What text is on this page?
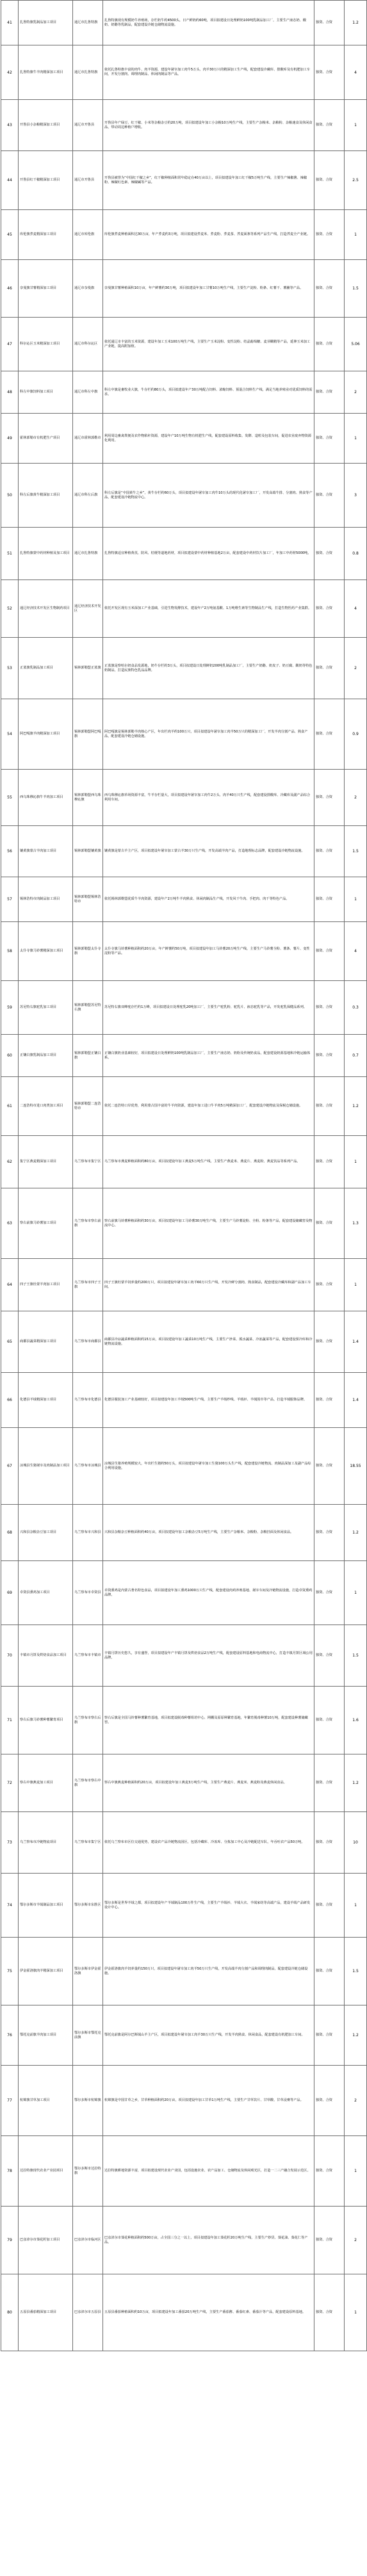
41	扎鲁特旗乳制品加工项目	通辽市扎鲁特旗	扎鲁特旗现有规模奶牛养殖场，存栏奶牛约4500头，日产鲜奶约60吨，项目拟建设日处理鲜奶100吨乳制品加工厂，主要生产液态奶、酸奶、奶酪等乳制品，配套建设冷链仓储物流设施。	独资、合资	1.2
42	扎鲁特旗牛羊肉精深加工项目	通辽市扎鲁特旗	依托扎鲁特旗丰富的肉牛、肉羊资源，建设年屠宰加工肉牛5万头、肉羊30万只的精深加工生产线，配套建设冷藏库、排酸库及有机肥加工车间，开发分割肉、调理肉制品、休闲肉制品等产品。	独资、合资	4
43	开鲁县小杂粮精深加工项目	通辽市开鲁县	开鲁县年产绿豆、红干椒、小米等杂粮杂豆约20万吨，项目拟建设年加工小杂粮10万吨生产线，主要生产杂粮米、杂粮粉、杂粮速食及休闲食品，带动周边种植户增收。	独资、合资	1
44	开鲁县红干椒精深加工项目	通辽市开鲁县	开鲁县被誉为“中国红干椒之乡”，红干椒种植面积常年稳定在40万亩以上，项目拟建设年加工红干椒5万吨生产线，主要生产辣椒酱、辣椒粉、辣椒红色素、辣椒碱等产品。	独资、合资	2.5
45	库伦旗荞麦精深加工项目	通辽市库伦旗	库伦旗荞麦种植面积达30万亩，年产荞麦约3万吨，项目拟建设荞麦米、荞麦粉、荞麦茶、荞麦面条等系列产品生产线，打造荞麦全产业链。	独资、合资	1
46	奈曼旗甘薯精深加工项目	通辽市奈曼旗	奈曼旗甘薯种植面积10万亩，年产鲜薯约30万吨，项目拟建设年加工甘薯10万吨生产线，主要生产淀粉、粉条、红薯干、薯脯等产品。	独资、合资	1.5
47	科尔沁区玉米精深加工项目	通辽市科尔沁区	依托通辽市丰富的玉米资源，建设年加工玉米100万吨生产线，主要生产玉米淀粉、变性淀粉、结晶葡萄糖、麦芽糊精等产品，延伸玉米加工产业链，提高附加值。	独资、合资	5.06
48	科左中旗饲料加工项目	通辽市科左中旗	科左中旗是畜牧业大旗，牛存栏约80万头，项目拟建设年产30万吨配合饲料、浓缩饲料、预混合饲料生产线，满足当地养殖业对优质饲料的需求。	独资、合资	2
49	霍林郭勒市有机肥生产项目	通辽市霍林郭勒市	利用周边畜禽粪便及农作物秸秆资源，建设年产10万吨生物有机肥生产线，配套建设原料收集、发酵、造粒及包装车间，促进农业废弃物资源化利用。	独资、合资	1
50	科左后旗黄牛精深加工项目	通辽市科左后旗	科左后旗是“中国黄牛之乡”，黄牛存栏约60万头，项目拟建设年屠宰加工肉牛10万头的现代化屠宰加工厂，开发高端牛排、分割肉、熟食等产品，配套建设冷链物流中心。	独资、合资	3
51	扎鲁特旗蒙中药材种植及加工项目	通辽市扎鲁特旗	扎鲁特旗适宜种植黄芪、防风、桔梗等道地药材，项目拟建设蒙中药材种植基地2万亩，配套建设中药材饮片加工厂，年加工中药材5000吨。	独资、合资	0.8
52	通辽经济技术开发区生物制药项目	通辽经济技术开发区	依托开发区现有玉米深加工产业基础，引进生物发酵技术，建设年产2万吨氨基酸、1万吨维生素等生物制品生产线，打造生物医药产业集群。	独资、合资	4
53	正蓝旗乳制品加工项目	锡林郭勒盟正蓝旗	正蓝旗是察哈尔奶食品发源地，奶牛存栏约3万头，项目拟建设日处理鲜奶200吨乳制品加工厂，主要生产奶酪、奶皮子、奶豆腐、酸奶等特色奶制品，打造民族特色乳品品牌。	独资、合资	2
54	阿巴嘎旗羊肉精深加工项目	锡林郭勒盟阿巴嘎旗	阿巴嘎旗是锡林郭勒羊肉核心产区，年出栏肉羊约100万只，项目拟建设年屠宰加工肉羊50万只的精深加工厂，开发羊肉分割产品、熟食产品，配套建设冷链仓储设施。	独资、合资	0.9
55	西乌珠穆沁旗牛羊肉加工项目	锡林郭勒盟西乌珠穆沁旗	西乌珠穆沁旗草场资源丰富，牛羊存栏量大，项目拟建设年屠宰加工肉牛2万头、肉羊40万只生产线，配套建设排酸库、冷藏库及副产品综合利用车间。	独资、合资	2
56	镶黄旗蒙古羊肉加工项目	锡林郭勒盟镶黄旗	镶黄旗是蒙古羊主产区，项目拟建设年屠宰加工蒙古羊30万只生产线，开发高端羊肉产品，打造地理标志品牌，配套建设冷链物流设施。	独资、合资	1.5
57	锡林浩特市肉制品加工项目	锡林郭勒盟锡林浩特市	依托锡林郭勒盟优质牛羊肉资源，建设年产2万吨牛羊肉熟食、休闲肉制品生产线，开发风干牛肉、手把肉、肉干等特色产品。	独资、合资	1
58	太仆寺旗马铃薯精深加工项目	锡林郭勒盟太仆寺旗	太仆寺旗马铃薯种植面积约20万亩，年产鲜薯约50万吨，项目拟建设年加工马铃薯20万吨生产线，主要生产马铃薯全粉、薯条、薯片、变性淀粉等产品。	独资、合资	4
59	苏尼特右旗驼乳加工项目	锡林郭勒盟苏尼特右旗	苏尼特右旗双峰驼存栏约1万峰，项目拟建设日处理驼乳20吨加工厂，主要生产驼乳粉、驼乳片、液态驼乳等产品，开发驼乳保健品系列。	独资、合资	0.3
60	正镶白旗乳制品加工项目	锡林郭勒盟正镶白旗	正镶白旗奶业基础较好，项目拟建设日处理鲜奶100吨乳制品加工厂，主要生产液态奶、奶粉及传统奶食品，配套建设奶源基地和冷链运输体系。	独资、合资	0.7
61	二连浩特市进口肉类加工项目	锡林郭勒盟二连浩特市	依托二连浩特口岸优势，利用蒙古国丰富的牛羊肉资源，建设年加工进口牛羊肉5万吨精深加工厂，配套建设冷链物流及保税仓储设施。	独资、合资	1.2
62	集宁区燕麦精深加工项目	乌兰察布市集宁区	乌兰察布市燕麦种植面积约80万亩，项目拟建设年加工燕麦5万吨生产线，主要生产燕麦米、燕麦片、燕麦粉、燕麦饮品等系列产品。	独资、合资	1
63	察右前旗马铃薯加工项目	乌兰察布市察右前旗	察右前旗马铃薯种植面积约30万亩，项目拟建设年加工马铃薯30万吨生产线，主要生产马铃薯淀粉、全粉、粉条等产品，配套建设储藏窖及物流中心。	独资、合资	1.3
64	四子王旗杜蒙羊肉加工项目	乌兰察布市四子王旗	四子王旗杜蒙羊饲养量约200万只，项目拟建设年屠宰加工肉羊60万只生产线，开发冷鲜分割肉、熟食制品，配套建设冷藏库和副产品加工车间。	独资、合资	1
65	商都县蔬菜精深加工项目	乌兰察布市商都县	商都县冷凉蔬菜种植面积约15万亩，项目拟建设年加工蔬菜10万吨生产线，主要生产净菜、脱水蔬菜、冷冻蔬菜等产品，配套建设预冷库和冷链物流设施。	独资、合资	1.4
66	化德县羊绒精深加工项目	乌兰察布市化德县	化德县服装加工产业基础较好，项目拟建设年加工羊绒500吨生产线，主要生产羊绒纱线、羊绒衫、羊绒围巾等产品，打造羊绒服饰品牌。	独资、合资	1.4
67	凉城县生猪屠宰及肉制品加工项目	乌兰察布市凉城县	凉城县生猪养殖规模较大，年出栏生猪约50万头，项目拟建设年屠宰加工生猪100万头生产线，配套建设冷链物流、肉制品深加工及副产品综合利用设施。	独资、合资	18.55
68	兴和县杂粮杂豆加工项目	乌兰察布市兴和县	兴和县杂粮杂豆种植面积约40万亩，项目拟建设年加工杂粮杂豆5万吨生产线，主要生产杂粮米、杂粮粉、杂粮挂面及休闲食品。	独资、合资	1.2
69	卓资县熏鸡加工项目	乌兰察布市卓资县	卓资熏鸡是内蒙古著名特色食品，项目拟建设年加工熏鸡1000万只生产线，配套建设肉鸡养殖基地、屠宰车间及冷链物流设施，打造卓资熏鸡品牌。	独资、合资	1
70	丰镇市月饼及烘焙食品加工项目	乌兰察布市丰镇市	丰镇月饼历史悠久，享有盛誉，项目拟建设年产丰镇月饼及烘焙食品2万吨生产线，配套建设原料基地和电商物流中心，打造丰镇月饼区域公用品牌。	独资、合资	1.5
71	察右后旗马铃薯种薯繁育项目	乌兰察布市察右后旗	察右后旗是全国马铃薯种薯繁育基地，项目拟建设脱毒种薯组培中心、网棚及原原种繁育基地，年繁育脱毒种薯10万吨，配套建设种薯储藏窖。	独资、合资	1.6
72	察右中旗燕麦加工项目	乌兰察布市察右中旗	察右中旗燕麦种植面积约20万亩，项目拟建设年加工燕麦3万吨生产线，主要生产燕麦片、燕麦米、燕麦粉及燕麦休闲食品。	独资、合资	1.2
73	乌兰察布市冷链物流项目	乌兰察布市集宁区	依托乌兰察布市区位交通优势，建设农产品冷链物流园区，包括冷藏库、冷冻库、分拣加工中心及冷链配送车队，年吞吐农产品50万吨。	独资、合资	10
74	鄂尔多斯市羊绒制品加工项目	鄂尔多斯市东胜区	鄂尔多斯是世界羊绒之都，项目拟建设年产羊绒制品100万件生产线，主要生产羊绒衫、羊绒大衣、羊绒家纺等高端产品，建设羊绒产品研发设计中心。	独资、合资	1
75	伊金霍洛旗肉羊精深加工项目	鄂尔多斯市伊金霍洛旗	伊金霍洛旗肉羊饲养量约150万只，项目拟建设年屠宰加工肉羊50万只生产线，开发高端羊肉分割产品和调理肉制品，配套建设冷链仓储设施。	独资、合资	1.5
76	鄂托克前旗羊肉加工项目	鄂尔多斯市鄂托克前旗	鄂托克前旗是阿尔巴斯绒山羊主产区，项目拟建设年屠宰加工肉羊30万只生产线，开发羊肉熟食、休闲食品，配套建设有机肥加工车间。	独资、合资	1.2
77	杭锦旗甘草加工项目	鄂尔多斯市杭锦旗	杭锦旗是中国甘草之乡，甘草种植面积约20万亩，项目拟建设年加工甘草1万吨生产线，主要生产甘草饮片、甘草酸、甘草浸膏等产品。	独资、合资	2
78	达拉特旗现代农业产业园项目	鄂尔多斯市达拉特旗	达拉特旗耕地资源丰富，项目拟建设现代农业产业园，包括设施农业、农产品加工、仓储物流及休闲观光区，打造一二三产融合发展示范区。	独资、合资	1
79	巴彦淖尔市葵花籽加工项目	巴彦淖尔市临河区	巴彦淖尔市葵花种植面积约500万亩，占全国三分之一以上，项目拟建设年加工葵花籽20万吨生产线，主要生产炒货、葵花油、葵花仁等产品。	独资、合资	2
80	五原县番茄精深加工项目	巴彦淖尔市五原县	五原县番茄种植面积约10万亩，项目拟建设年加工番茄20万吨生产线，主要生产番茄酱、番茄红素、番茄汁等产品，配套建设原料基地。	独资、合资	1
